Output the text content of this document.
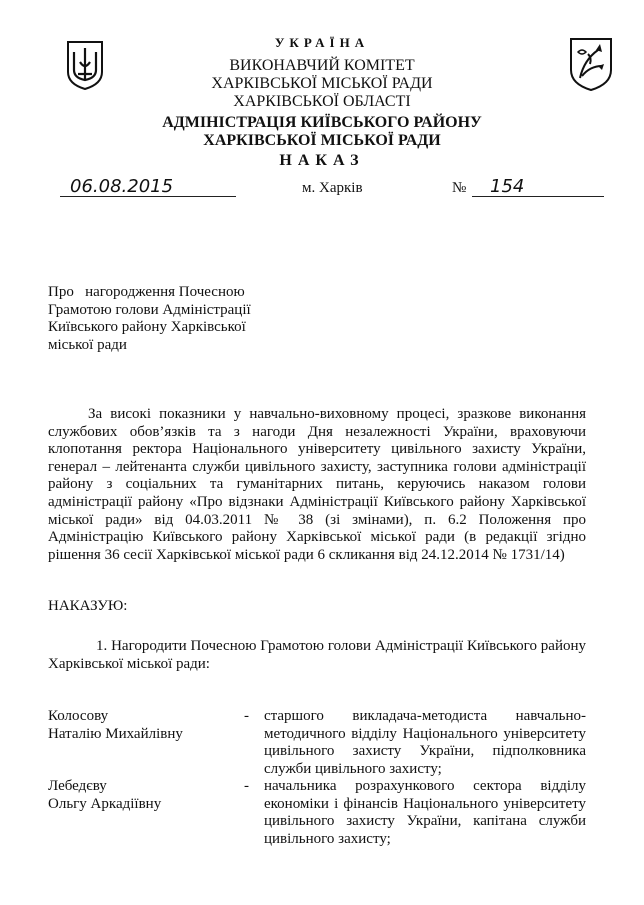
УКРАЇНА
ВИКОНАВЧИЙ КОМІТЕТ
ХАРКІВСЬКОЇ МІСЬКОЇ РАДИ
ХАРКІВСЬКОЇ ОБЛАСТІ
АДМІНІСТРАЦІЯ КИЇВСЬКОГО РАЙОНУ
ХАРКІВСЬКОЇ МІСЬКОЇ РАДИ
НАКАЗ
06.08.2015	м. Харків	№ 154
Про   нагородження Почесною
Грамотою голови Адміністрації
Київського району Харківської
міської ради
За високі показники у навчально-виховному процесі, зразкове виконання службових обов’язків та з нагоди Дня незалежності України, враховуючи клопотання ректора Національного університету цивільного захисту України, генерал – лейтенанта служби цивільного захисту, заступника голови адміністрації району з соціальних та гуманітарних питань, керуючись наказом голови адміністрації району «Про відзнаки Адміністрації Київського району Харківської міської ради» від 04.03.2011 № 38 (зі змінами), п. 6.2 Положення про Адміністрацію Київського району Харківської міської ради (в редакції згідно рішення 36 сесії Харківської міської ради 6 скликання від 24.12.2014 № 1731/14)
НАКАЗУЮ:
1. Нагородити Почесною Грамотою голови Адміністрації Київського району Харківської міської ради:
Колосову
Наталію Михайлівну
- старшого викладача-методиста навчально-методичного відділу Національного університету цивільного захисту України, підполковника служби цивільного захисту;
Лебедєву
Ольгу Аркадіївну
- начальника розрахункового сектора відділу економіки і фінансів Національного університету цивільного захисту України, капітана служби цивільного захисту;
